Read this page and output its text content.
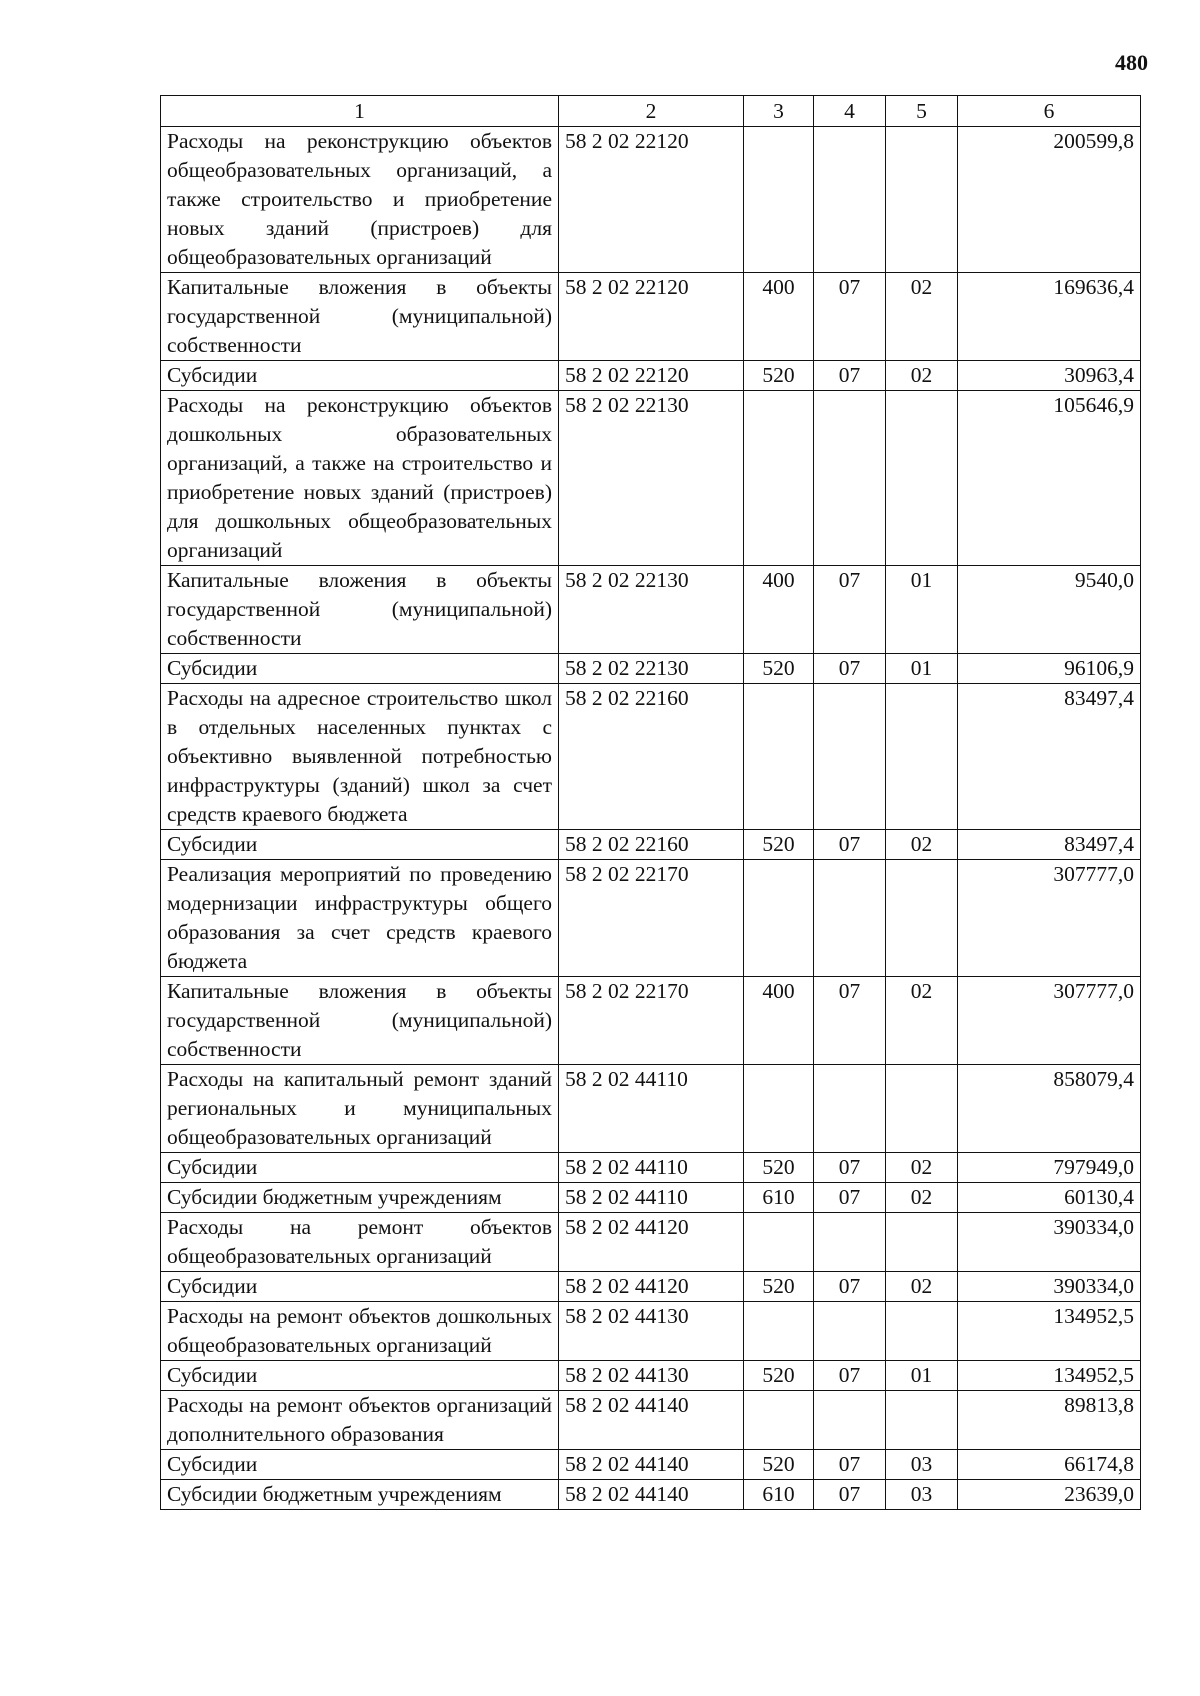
480
1	2	3	4	5	6
Расходы на реконструкцию объектов общеобразовательных организаций, а также строительство и приобретение новых зданий (пристроев) для общеобразовательных организаций	58 2 02 22120				200599,8
Капитальные вложения в объекты государственной (муниципальной) собственности	58 2 02 22120	400	07	02	169636,4
Субсидии	58 2 02 22120	520	07	02	30963,4
Расходы на реконструкцию объектов дошкольных образовательных организаций, а также на строительство и приобретение новых зданий (пристроев) для дошкольных общеобразовательных организаций	58 2 02 22130				105646,9
Капитальные вложения в объекты государственной (муниципальной) собственности	58 2 02 22130	400	07	01	9540,0
Субсидии	58 2 02 22130	520	07	01	96106,9
Расходы на адресное строительство школ в отдельных населенных пунктах с объективно выявленной потребностью инфраструктуры (зданий) школ за счет средств краевого бюджета	58 2 02 22160				83497,4
Субсидии	58 2 02 22160	520	07	02	83497,4
Реализация мероприятий по проведению модернизации инфраструктуры общего образования за счет средств краевого бюджета	58 2 02 22170				307777,0
Капитальные вложения в объекты государственной (муниципальной) собственности	58 2 02 22170	400	07	02	307777,0
Расходы на капитальный ремонт зданий региональных и муниципальных общеобразовательных организаций	58 2 02 44110				858079,4
Субсидии	58 2 02 44110	520	07	02	797949,0
Субсидии бюджетным учреждениям	58 2 02 44110	610	07	02	60130,4
Расходы на ремонт объектов общеобразовательных организаций	58 2 02 44120				390334,0
Субсидии	58 2 02 44120	520	07	02	390334,0
Расходы на ремонт объектов дошкольных общеобразовательных организаций	58 2 02 44130				134952,5
Субсидии	58 2 02 44130	520	07	01	134952,5
Расходы на ремонт объектов организаций дополнительного образования	58 2 02 44140				89813,8
Субсидии	58 2 02 44140	520	07	03	66174,8
Субсидии бюджетным учреждениям	58 2 02 44140	610	07	03	23639,0
